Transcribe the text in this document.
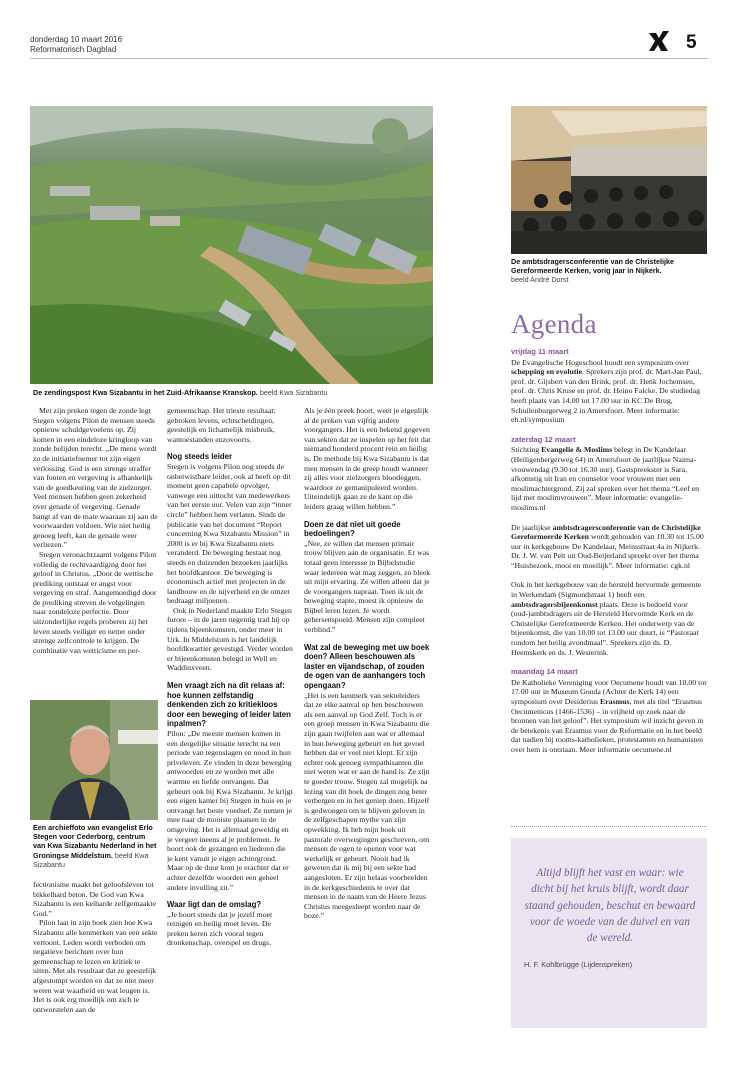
donderdag 10 maart 2016
Reformatorisch Dagblad	5
De zendingspost Kwa Sizabantu in het Zuid-Afrikaanse Kranskop. beeld Kwa Sizabantu
De ambtsdragersconferentie van de Christelijke Gereformeerde Kerken, vorig jaar in Nijkerk.
beeld André Dorst

Met zijn preken tegen de zonde legt Stegen volgens Pilon de mensen steeds opnieuw schuldgevoelens op. Zij komen in een eindeloze kringloop van zonde belijden terecht. „De mens wordt zo de initiatiefnemer tot zijn eigen verlossing. God is een strenge straffer van fouten en vergeving is afhankelijk van de goedkeuring van de zielzorger. Veel mensen hebben geen zekerheid over genade of vergeving. Genade hangt af van de mate waaraan zij aan de voorwaarden voldoen. Wie niet heilig genoeg leeft, kan de genade weer verliezen.”

Stegen veronachtzaamt volgens Pilon volledig de rechtvaardiging door het geloof in Christus. „Door de wettische prediking ontstaat er angst voor vergeving en straf. Aangemoedigd door de prediking streven de volgelingen naar zondeloze perfectie. Door uitzonderlijke regels proberen zij het leven steeds veiliger en netter onder strenge zelfcontrole te krijgen. De combinatie van wetticisme en per-

Een archieffoto van evangelist Erlo Stegen voor Cederborg, centrum van Kwa Sizabantu Nederland in het Groningse Middelstum. beeld Kwa Sizabantu

fectionisme maakt het geloofsleven tot bikkelhard beton. De God van Kwa Sizabantu is een keiharde zelfgemaakte God.”

Pilon laat in zijn boek zien hoe Kwa Sizabantu alle kenmerken van een sekte vertoont. Leden wordt verboden om negatieve berichten over hun gemeenschap te lezen en kritiek te uiten. Met als resultaat dat ze geestelijk afgestompt worden en dat ze niet meer weten wat waarheid en wat leugen is. Het is ook erg moeilijk om zich te ontworstelen aan de

gemeenschap. Het trieste resultaat: gebroken levens, echtscheidingen, geestelijk en lichamelijk misbruik, wantoestanden enzovoorts.

Nog steeds leider

Stegen is volgens Pilon nog steeds de onbetwistbare leider, ook al heeft op dit moment geen capabele opvolger, vanwege een uittocht van medewerkers van het eerste uur. Velen van zijn “inner circle” hebben hem verlaten. Sinds de publicatie van het document “Report concerning Kwa Sizabantu Mission” in 2000 is er bij Kwa Sizabantu niets veranderd. De beweging bestaat nog steeds en duizenden bezoeken jaarlijks het hoofdkantoor. De beweging is economisch actief met projecten in de landbouw en de nijverheid en de omzet bedraagt miljoenen.

Ook in Nederland maakte Erlo Stegen furore – in de jaren negentig trad hij op tijdens bijeenkomsten, onder meer in Urk. In Middelstum is het landelijk hoofdkwartier gevestigd. Verder worden er bijeenkomsten belegd in Well en Waddinxveen.

Men vraagt zich na dit relaas af: hoe kunnen zelfstandig denkenden zich zo kritiekloos door een beweging of leider laten inpalmen?

Pilon: „De meeste mensen komen in een dergelijke situatie terecht na een periode van tegenslagen en nood in hun priveleven. Ze vinden in deze beweging antwoorden en ze worden met alle warmte en liefde ontvangen. Dat gebeurt ook bij Kwa Sizabantu. Je krijgt een eigen kamer bij Stegen in huis en je ontvangt het beste voedsel. Ze nemen je mee naar de mooiste plaatsen in de omgeving. Het is allemaal geweldig en je vergeet ineens al je problemen. Je hoort ook de gezangen en liederen die je kent vanuit je eigen achtergrond. Maar op de duur kom je erachter dat er achter dezelfde woorden een geheel andere invulling zit.”

Waar ligt dan de omslag?

„Je hoort steeds dat je jezelf moet reinigen en heilig moet leven. De preken keren zich vooral tegen dronkenschap, overspel en drugs.

Als je één preek hoort, weet je eigenlijk al de preken van vijftig andere voorgangers. Het is een bekend gegeven van sekten dat ze inspelen op het feit dat niemand honderd procent rein en heilig is. De methode bij Kwa Sizabantu is dat men mensen in de greep houdt wanneer zij alles voor zielzorgers blootleggen, waardoor ze gemanipuleerd worden. Uiteindelijk gaan ze de kant op die leiders graag willen hebben.”

Doen ze dat niet uit goede bedoelingen?

„Nee, ze willen dat mensen primair trouw blijven aan de organisatie. Er was totaal geen interesse in Bijbelstudie waar iedereen wat mag zeggen, zo bleek uit mijn ervaring. Ze willen alleen dat je de voorgangers napraat. Toen ik uit de beweging stapte, moest ik opnieuw de Bijbel leren lezen. Je wordt gehersenspoeld. Mensen zijn compleet verblind.”

Wat zal de beweging met uw boek doen? Alleen beschouwen als laster en vijandschap, of zouden de ogen van de aanhangers toch opengaan?

„Het is een kenmerk van sekteleiders dat ze elke aanval op hen beschouwen als een aanval op God Zelf. Toch is er een groep mensen in Kwa Sizabantu die zijn gaan twijfelen aan wat er allemaal in hun beweging gebeurt en het gevoel hebben dat er veel niet klopt. Er zijn echter ook genoeg sympathisanten die niet weten wat er aan de hand is. Ze zijn te goeder trouw. Stegen zal mogelijk na lezing van dit boek de dingen nog beter verbergen en in het geniep doen. Hijzelf is gedwongen om te blijven geloven in de zelfgeschapen mythe van zijn opwekking. Ik heb mijn boek uit pastorale overwegingen geschreven, om mensen de ogen te openen voor wat werkelijk er gebeurt. Nooit had ik geweten dat ik mij bij een sekte had aangesloten. Er zijn helaas voorbeelden in de kerkgeschiedenis te over dat mensen in de naam van de Heere Jezus Christus meegesleept worden naar de boze.”

Agenda
vrijdag 11 maart

De Evangelische Hogeschool houdt een symposium over schepping en evolutie. Sprekers zijn prof. dr. Mart-Jan Paul, prof. dr. Gijsbert van den Brink, prof. dr. Henk Jochemsen, prof. dr. Chris Kruse en prof. dr. Heino Falcke. De studiedag heeft plaats van 14.00 tot 17.00 uur in KC De Brug, Schuilenburgerweg 2 in Amersfoort. Meer informatie: eh.nl/symposium

zaterdag 12 maart

Stichting Evangelie & Moslims belegt in De Kandelaar (Heiligenbergerweg 64) in Amersfoort de jaarlijkse Naima-vrouwendag (9.30 tot 16.30 uur). Gastspreekster is Sara, afkomstig uit Iran en counselor voor vrouwen met een moslimachtergrond. Zij zal spreken over het thema “Leef en lijd met moslimvrouwen”. Meer informatie: evangelie-moslims.nl

De jaarlijkse ambtsdragersconferentie van de Christelijke Gereformeerde Kerken wordt gehouden van 10.30 tot 15.00 uur in kerkgebouw De Kandelaar, Meinsstraat 4a in Nijkerk. Dr. J. W. van Pelt uit Oud-Beijerland spreekt over het thema “Huisbezoek, mooi en moeilijk”. Meer informatie: cgk.nl

Ook in het kerkgebouw van de hersteld hervormde gemeente in Werkendam (Sigmondstraat 1) heeft een ambtsdragersbijeenkomst plaats. Deze is bedoeld voor (oud-)ambtsdragers uit de Hersteld Hervormde Kerk en de Christelijke Gereformeerde Kerken. Het onderwerp van de bijeenkomst, die van 10.00 tot 13.00 uur duurt, is “Pastoraat rondom het heilig avondmaal”. Sprekers zijn ds. D. Heemskerk en ds. J. Westerink.

maandag 14 maart

De Katholieke Vereniging voor Oecumene houdt van 10.00 tot 17.00 uur in Museum Gouda (Achter de Kerk 14) een symposium over Desiderius Erasmus, met als titel “Erasmus Oecumenicus (1466-1536) – in vrijheid op zoek naar de bronnen van het geloof”. Het symposium wil inzicht geven in de betekenis van Erasmus voor de Reformatie en in het beeld dat nadien bij rooms-katholieken, protestanten en humanisten over hem is ontstaan. Meer informatie oecumene.nl

Altijd blijft het vast en waar: wie dicht bij het kruis blijft, wordt daar staand gehouden, beschut en bewaard voor de woede van de duivel en van de wereld.
H. F. Kohlbrügge (Lijdenspreken)
